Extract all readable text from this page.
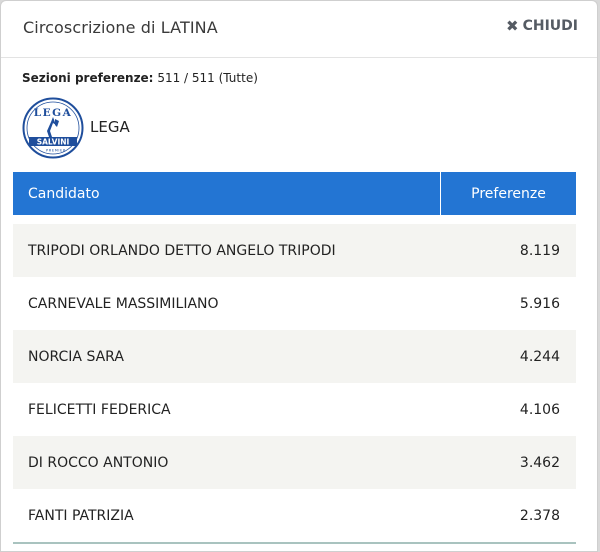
Circoscrizione di LATINA	✖ CHIUDI
Sezioni preferenze: 511 / 511 (Tutte)
LEGA
SALVINI
PREMIER
LEGA
Candidato	Preferenze

TRIPODI ORLANDO DETTO ANGELO TRIPODI	8.119
CARNEVALE MASSIMILIANO	5.916
NORCIA SARA	4.244
FELICETTI FEDERICA	4.106
DI ROCCO ANTONIO	3.462
FANTI PATRIZIA	2.378
